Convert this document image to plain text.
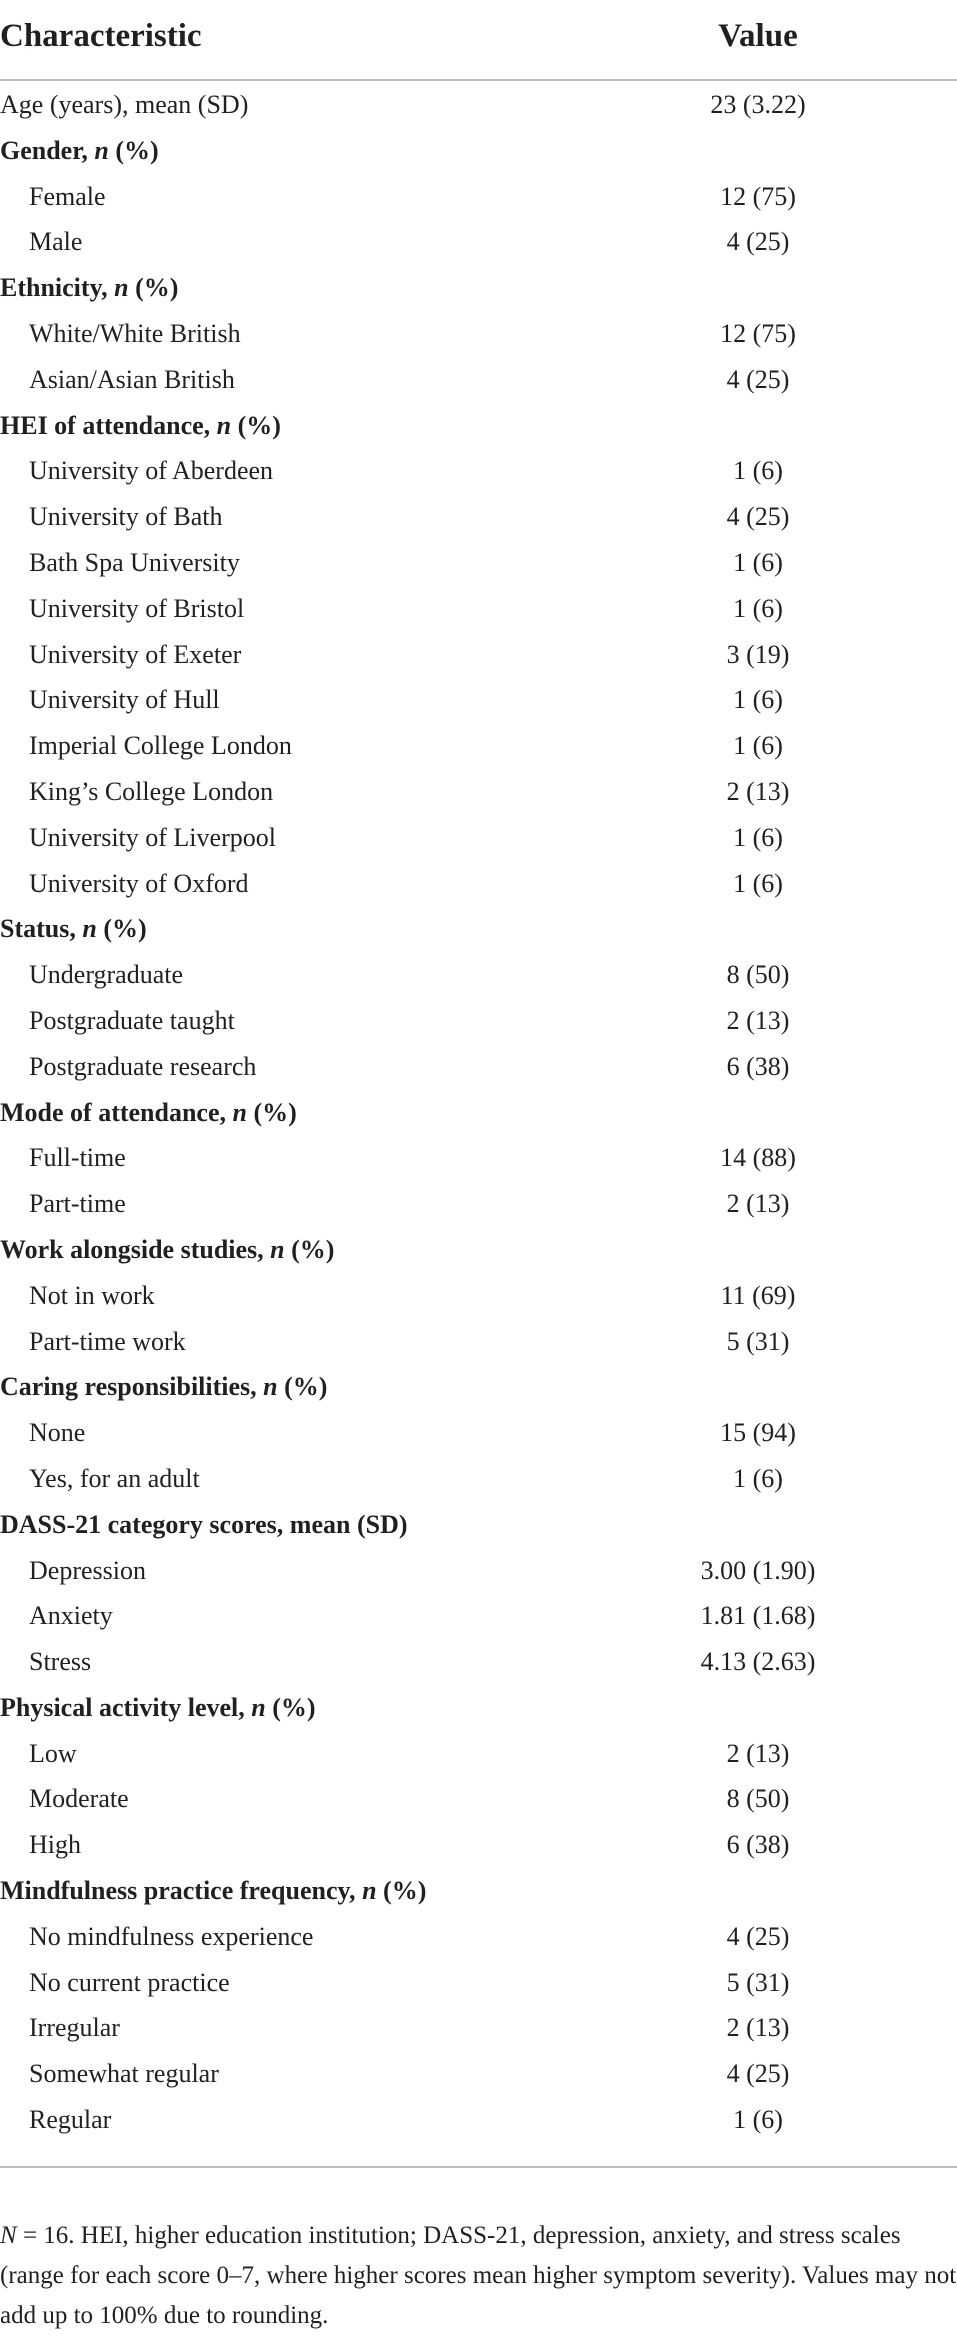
Characteristic	Value
Age (years), mean (SD)	23 (3.22)
Gender, n (%)
Female	12 (75)
Male	4 (25)
Ethnicity, n (%)
White/White British	12 (75)
Asian/Asian British	4 (25)
HEI of attendance, n (%)
University of Aberdeen	1 (6)
University of Bath	4 (25)
Bath Spa University	1 (6)
University of Bristol	1 (6)
University of Exeter	3 (19)
University of Hull	1 (6)
Imperial College London	1 (6)
King’s College London	2 (13)
University of Liverpool	1 (6)
University of Oxford	1 (6)
Status, n (%)
Undergraduate	8 (50)
Postgraduate taught	2 (13)
Postgraduate research	6 (38)
Mode of attendance, n (%)
Full-time	14 (88)
Part-time	2 (13)
Work alongside studies, n (%)
Not in work	11 (69)
Part-time work	5 (31)
Caring responsibilities, n (%)
None	15 (94)
Yes, for an adult	1 (6)
DASS-21 category scores, mean (SD)
Depression	3.00 (1.90)
Anxiety	1.81 (1.68)
Stress	4.13 (2.63)
Physical activity level, n (%)
Low	2 (13)
Moderate	8 (50)
High	6 (38)
Mindfulness practice frequency, n (%)
No mindfulness experience	4 (25)
No current practice	5 (31)
Irregular	2 (13)
Somewhat regular	4 (25)
Regular	1 (6)
N = 16. HEI, higher education institution; DASS-21, depression, anxiety, and stress scales (range for each score 0–7, where higher scores mean higher symptom severity). Values may not add up to 100% due to rounding.
